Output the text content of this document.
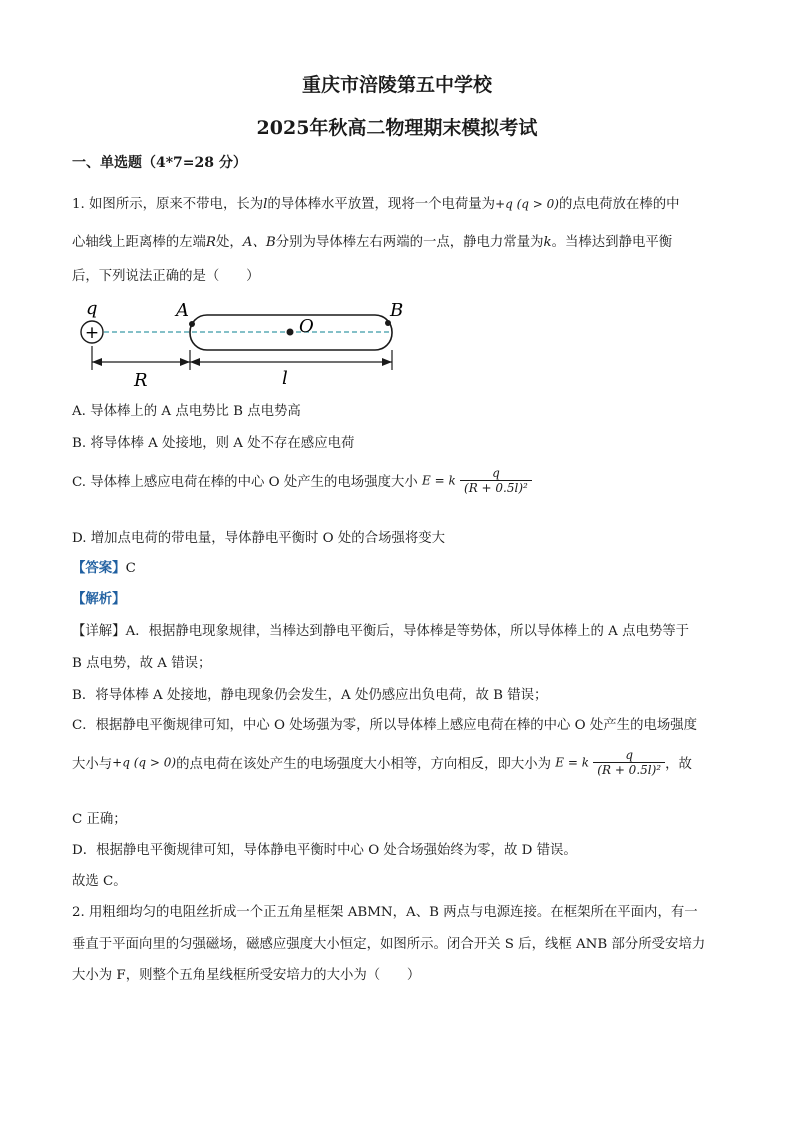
重庆市涪陵第五中学校
2025年秋高二物理期末模拟考试
一、单选题（4*7=28 分）
1. 如图所示，原来不带电，长为l的导体棒水平放置，现将一个电荷量为+q (q > 0)的点电荷放在棒的中
心轴线上距离棒的左端R处，A、B分别为导体棒左右两端的一点，静电力常量为k。当棒达到静电平衡
后，下列说法正确的是（　　）
+
q	A
O
B
R	l
A. 导体棒上的 A 点电势比 B 点电势高
B. 将导体棒 A 处接地，则 A 处不存在感应电荷
C. 导体棒上感应电荷在棒的中心 O 处产生的电场强度大小 E = k $\frac{q}{\text{(R + 0.5l)²}}$
D. 增加点电荷的带电量，导体静电平衡时 O 处的合场强将变大
【答案】C
【解析】
【详解】A．根据静电现象规律，当棒达到静电平衡后，导体棒是等势体，所以导体棒上的 A 点电势等于
B 点电势，故 A 错误；
B．将导体棒 A 处接地，静电现象仍会发生，A 处仍感应出负电荷，故 B 错误；
C．根据静电平衡规律可知，中心 O 处场强为零，所以导体棒上感应电荷在棒的中心 O 处产生的电场强度
大小与+q (q > 0)的点电荷在该处产生的电场强度大小相等，方向相反，即大小为 E = k $\frac{q}{\text{(R + 0.5l)²}}$ ，故
C 正确；
D．根据静电平衡规律可知，导体静电平衡时中心 O 处合场强始终为零，故 D 错误。
故选 C。
2. 用粗细均匀的电阻丝折成一个正五角星框架 ABMN，A、B 两点与电源连接。在框架所在平面内，有一
垂直于平面向里的匀强磁场，磁感应强度大小恒定，如图所示。闭合开关 S 后，线框 ANB 部分所受安培力
大小为 F，则整个五角星线框所受安培力的大小为（　　）
